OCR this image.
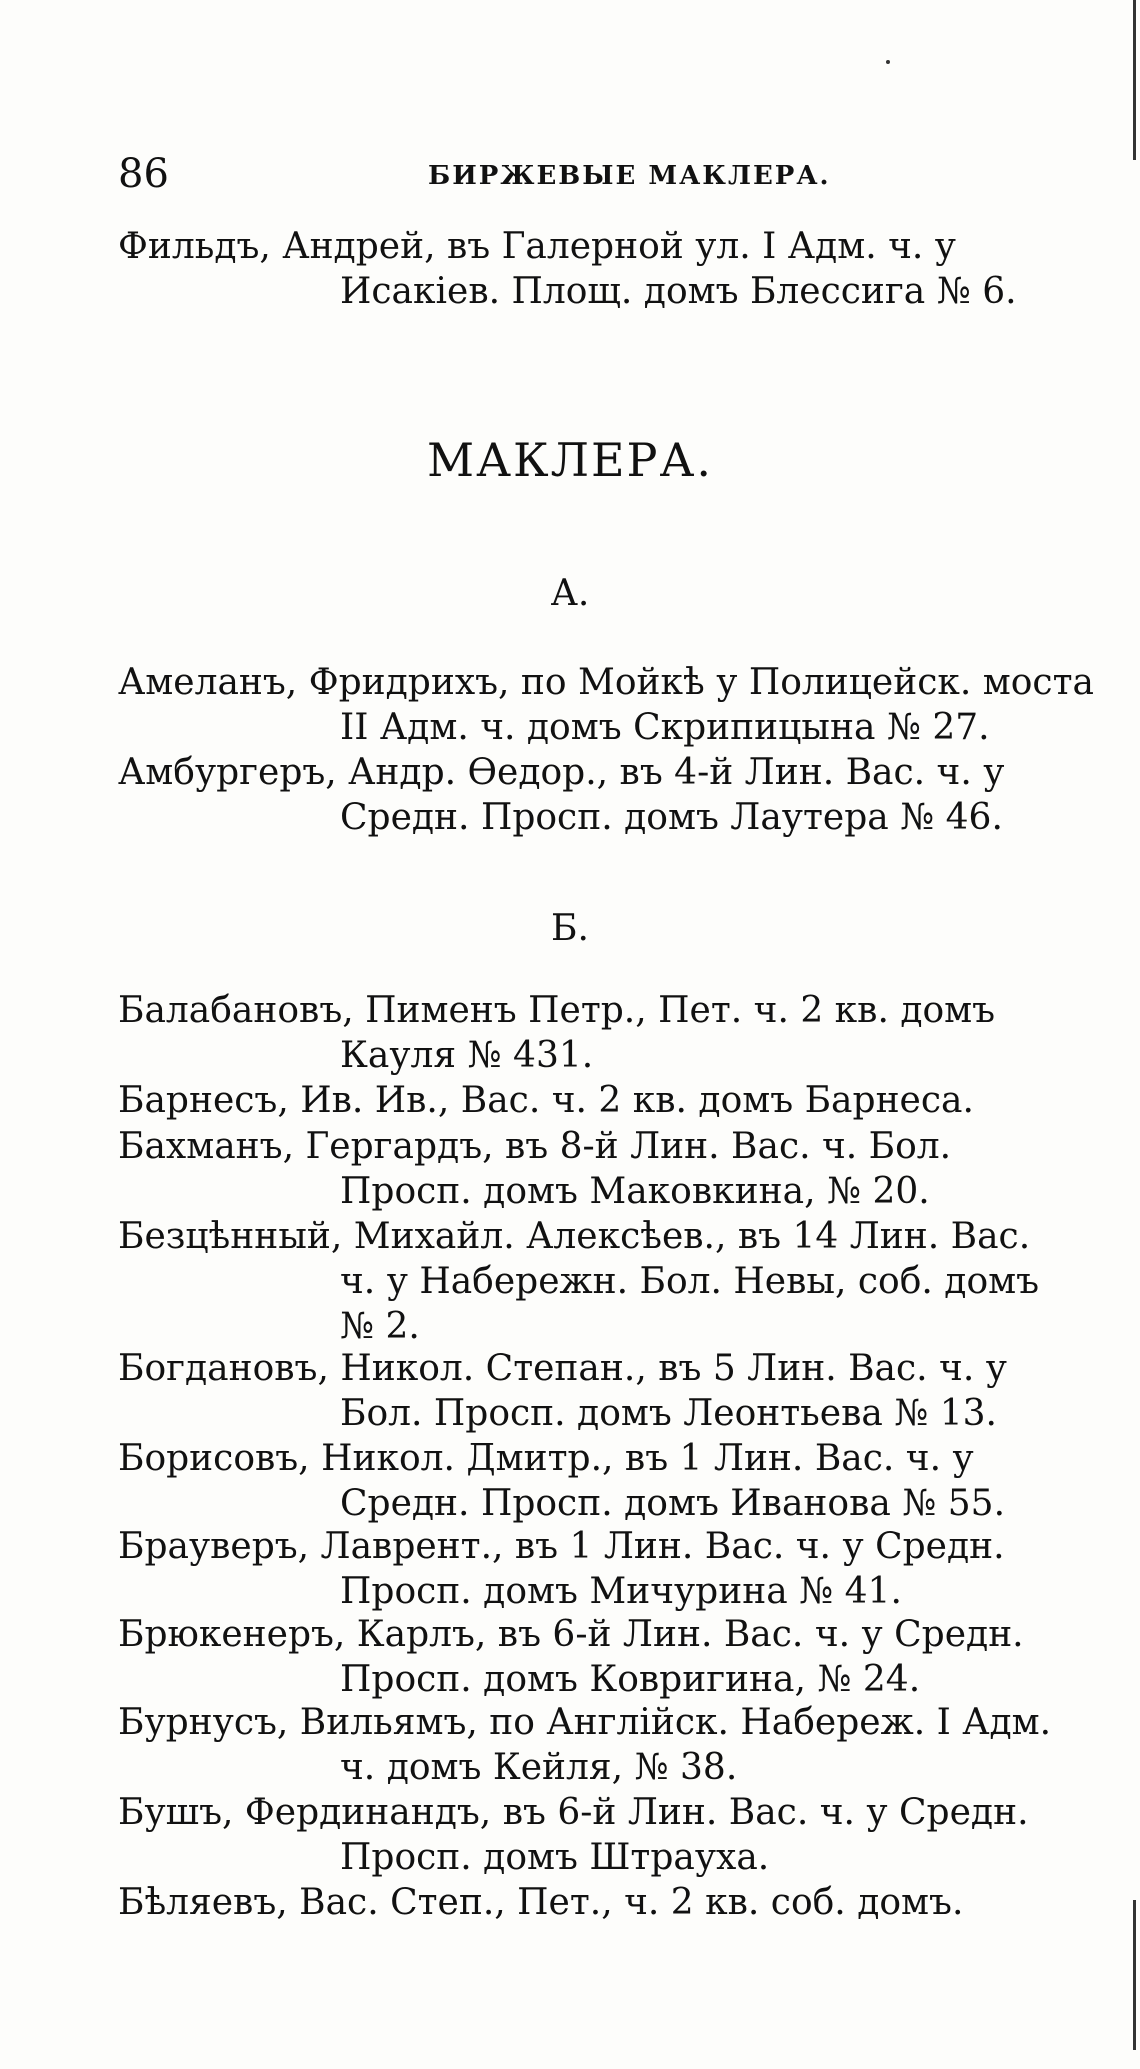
86	БИРЖЕВЫЕ МАКЛЕРА.
Фильдъ, Андрей, въ Галерной ул. I Адм. ч. у
Исакiев. Площ. домъ Блессига № 6.
МАКЛЕРА.
А.
Амеланъ, Фридрихъ, по Мойкѣ у Полицейск. моста
II Адм. ч. домъ Скрипицына № 27.
Амбургеръ, Андр. Өедор., въ 4-й Лин. Вас. ч. у
Средн. Просп. домъ Лаутера № 46.
Б.
Балабановъ, Пименъ Петр., Пет. ч. 2 кв. домъ
Кауля № 431.
Барнесъ, Ив. Ив., Вас. ч. 2 кв. домъ Барнеса.
Бахманъ, Гергардъ, въ 8-й Лин. Вас. ч. Бол.
Просп. домъ Маковкина, № 20.
Безцѣнный, Михайл. Алексѣев., въ 14 Лин. Вас.
ч. у Набережн. Бол. Невы, соб. домъ
№ 2.
Богдановъ, Никол. Степан., въ 5 Лин. Вас. ч. у
Бол. Просп. домъ Леонтьева № 13.
Борисовъ, Никол. Дмитр., въ 1 Лин. Вас. ч. у
Средн. Просп. домъ Иванова № 55.
Брауверъ, Лаврент., въ 1 Лин. Вас. ч. у Средн.
Просп. домъ Мичурина № 41.
Брюкенеръ, Карлъ, въ 6-й Лин. Вас. ч. у Средн.
Просп. домъ Ковригина, № 24.
Бурнусъ, Вильямъ, по Англiйск. Набереж. I Адм.
ч. домъ Кейля, № 38.
Бушъ, Фердинандъ, въ 6-й Лин. Вас. ч. у Средн.
Просп. домъ Штрауха.
Бѣляевъ, Вас. Степ., Пет., ч. 2 кв. соб. домъ.
